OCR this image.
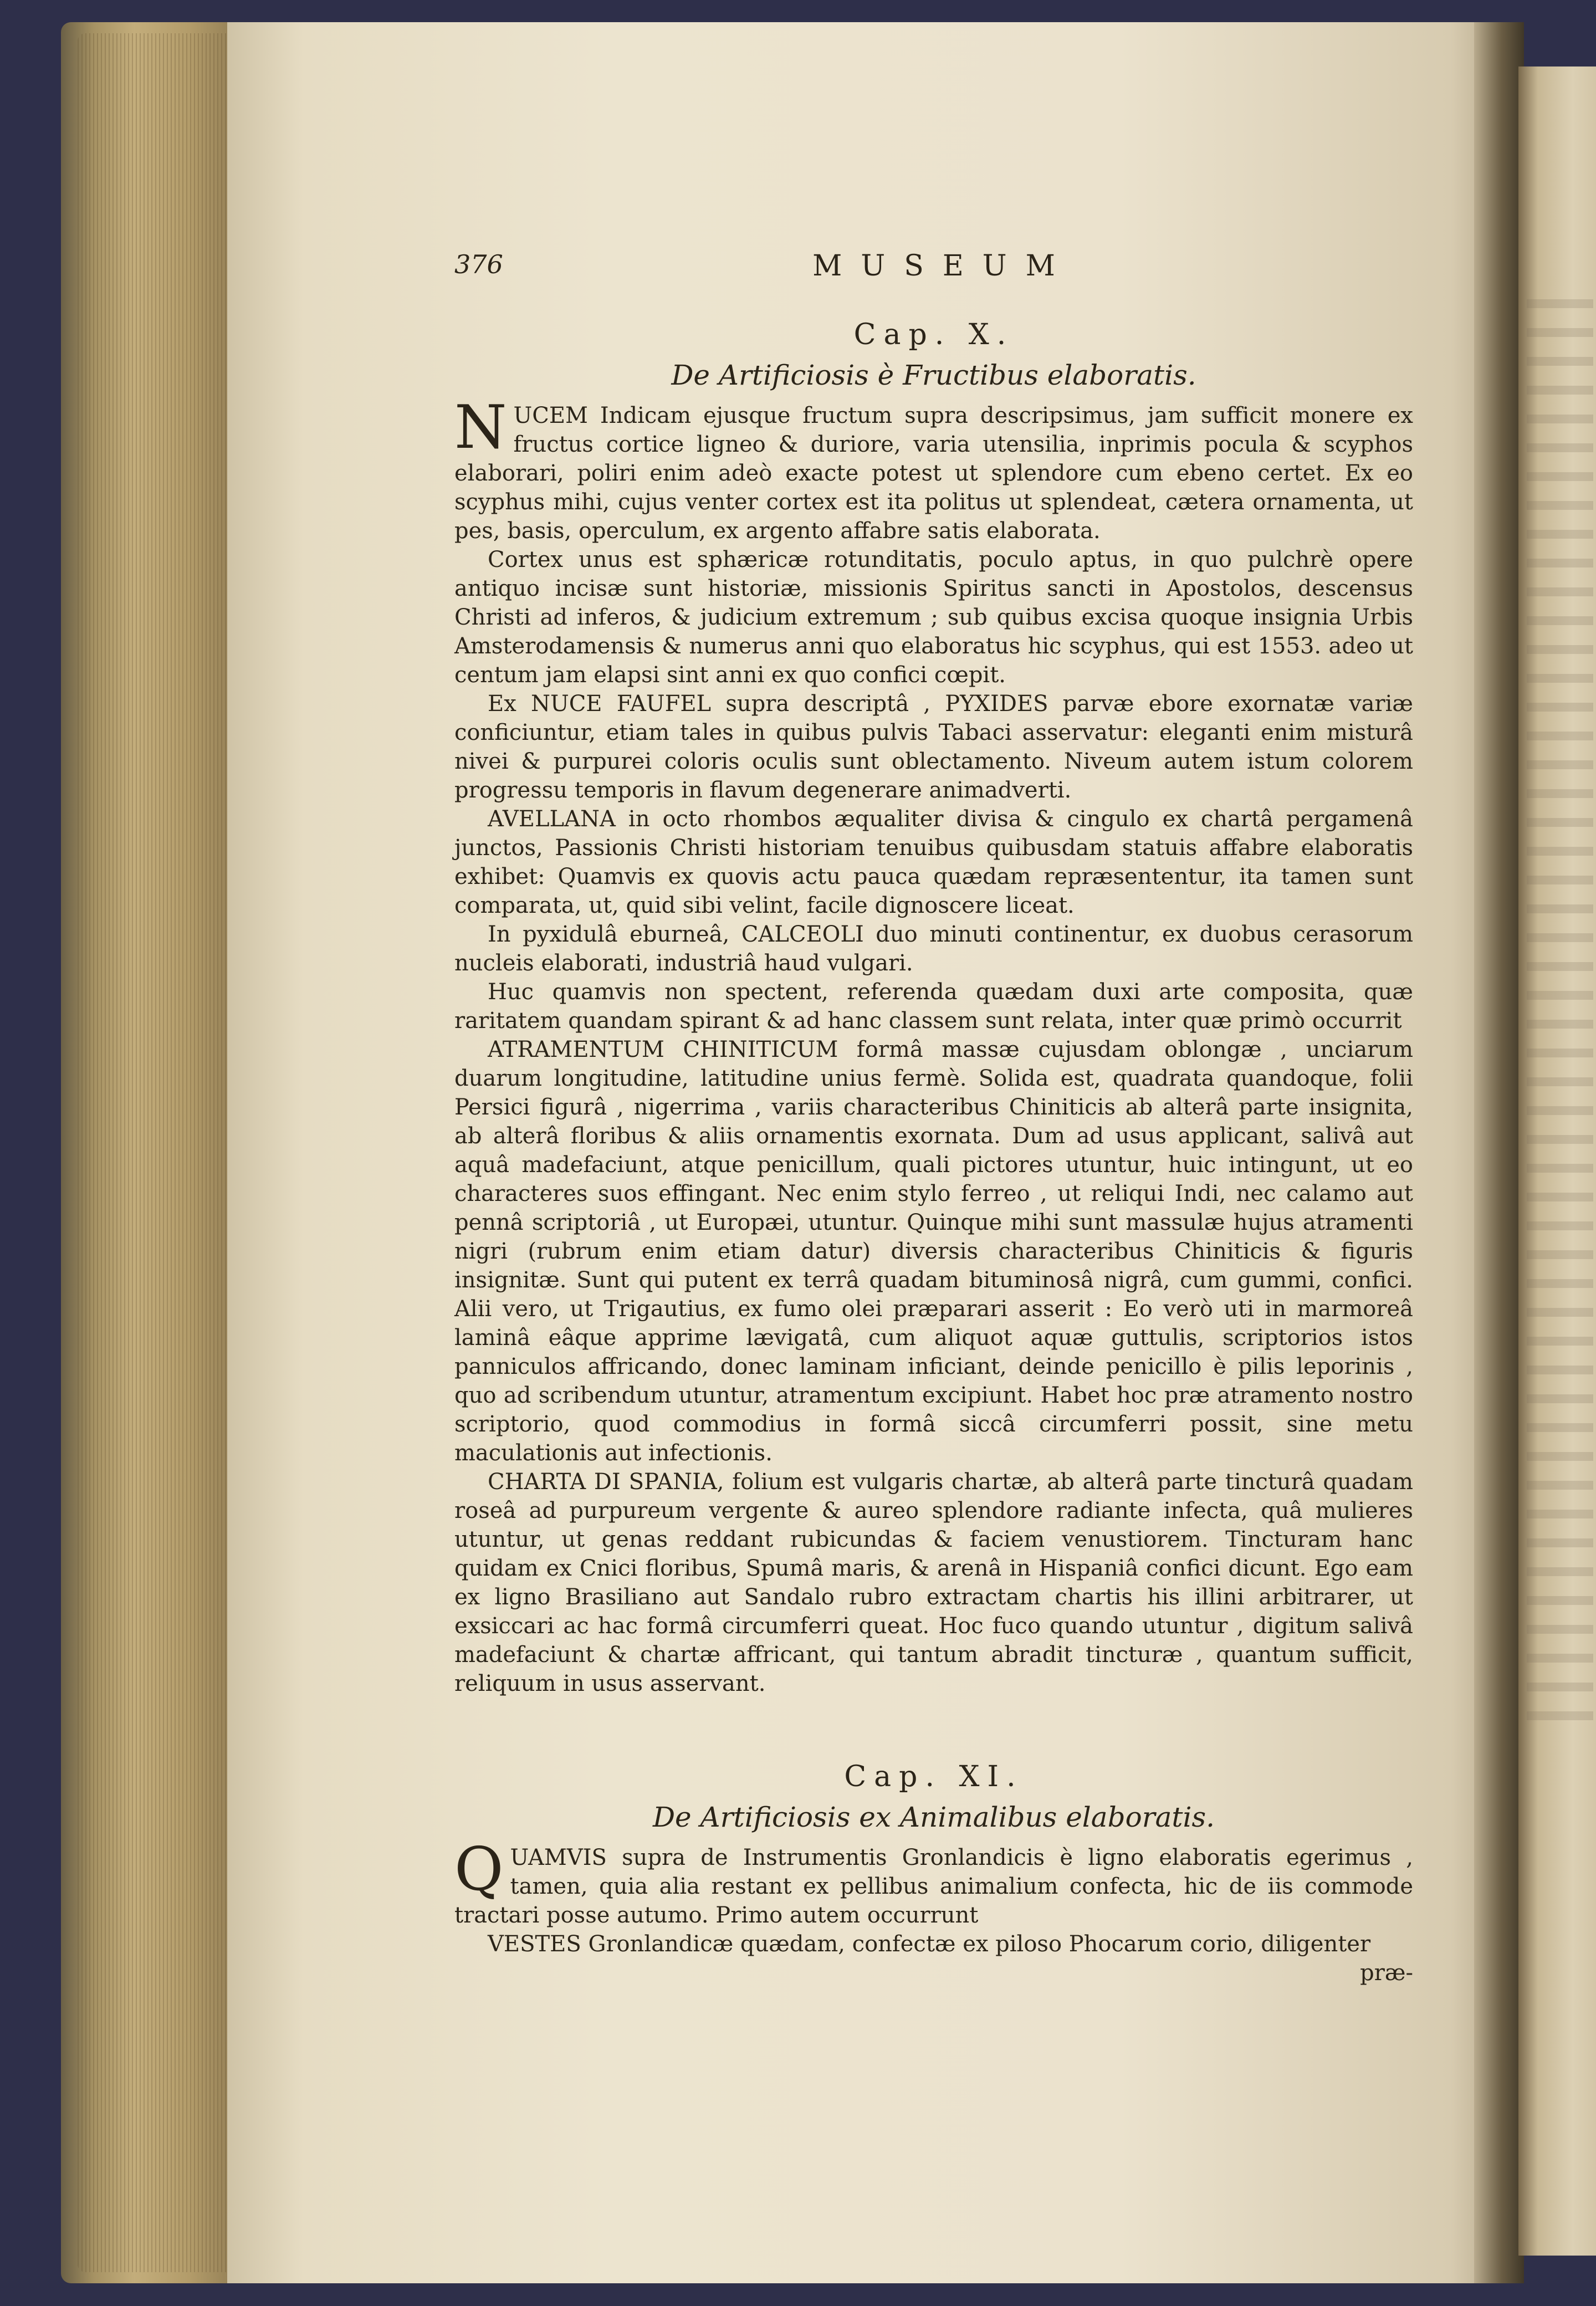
376	MUSEUM
Cap. X.
De Artificiosis è Fructibus elaboratis.

NUCEM Indicam ejusque fructum supra descripsimus, jam sufficit monere ex fructus cortice ligneo & duriore, varia utensilia, inprimis pocula & scyphos elaborari, poliri enim adeò exacte potest ut splendore cum ebeno certet. Ex eo scyphus mihi, cujus venter cortex est ita politus ut splendeat, cætera ornamenta, ut pes, basis, operculum, ex argento affabre satis elaborata.

Cortex unus est sphæricæ rotunditatis, poculo aptus, in quo pulchrè opere antiquo incisæ sunt historiæ, missionis Spiritus sancti in Apostolos, descensus Christi ad inferos, & judicium extremum ; sub quibus excisa quoque insignia Urbis Amsterodamensis & numerus anni quo elaboratus hic scyphus, qui est 1553. adeo ut centum jam elapsi sint anni ex quo confici cœpit.

Ex NUCE FAUFEL supra descriptâ , PYXIDES parvæ ebore exornatæ variæ conficiuntur, etiam tales in quibus pulvis Tabaci asservatur: eleganti enim misturâ nivei & purpurei coloris oculis sunt oblectamento. Niveum autem istum colorem progressu temporis in flavum degenerare animadverti.

AVELLANA in octo rhombos æqualiter divisa & cingulo ex chartâ pergamenâ junctos, Passionis Christi historiam tenuibus quibusdam statuis affabre elaboratis exhibet: Quamvis ex quovis actu pauca quædam repræsententur, ita tamen sunt comparata, ut, quid sibi velint, facile dignoscere liceat.

In pyxidulâ eburneâ, CALCEOLI duo minuti continentur, ex duobus cerasorum nucleis elaborati, industriâ haud vulgari.

Huc quamvis non spectent, referenda quædam duxi arte composita, quæ raritatem quandam spirant & ad hanc classem sunt relata, inter quæ primò occurrit

ATRAMENTUM CHINITICUM formâ massæ cujusdam oblongæ , unciarum duarum longitudine, latitudine unius fermè. Solida est, quadrata quandoque, folii Persici figurâ , nigerrima , variis characteribus Chiniticis ab alterâ parte insignita, ab alterâ floribus & aliis ornamentis exornata. Dum ad usus applicant, salivâ aut aquâ madefaciunt, atque penicillum, quali pictores utuntur, huic intingunt, ut eo characteres suos effingant. Nec enim stylo ferreo , ut reliqui Indi, nec calamo aut pennâ scriptoriâ , ut Europæi, utuntur. Quinque mihi sunt massulæ hujus atramenti nigri (rubrum enim etiam datur) diversis characteribus Chiniticis & figuris insignitæ. Sunt qui putent ex terrâ quadam bituminosâ nigrâ, cum gummi, confici. Alii vero, ut Trigautius, ex fumo olei præparari asserit : Eo verò uti in marmoreâ laminâ eâque apprime lævigatâ, cum aliquot aquæ guttulis, scriptorios istos panniculos affricando, donec laminam inficiant, deinde penicillo è pilis leporinis , quo ad scribendum utuntur, atramentum excipiunt. Habet hoc præ atramento nostro scriptorio, quod commodius in formâ siccâ circumferri possit, sine metu maculationis aut infectionis.

CHARTA DI SPANIA, folium est vulgaris chartæ, ab alterâ parte tincturâ quadam roseâ ad purpureum vergente & aureo splendore radiante infecta, quâ mulieres utuntur, ut genas reddant rubicundas & faciem venustiorem. Tincturam hanc quidam ex Cnici floribus, Spumâ maris, & arenâ in Hispaniâ confici dicunt. Ego eam ex ligno Brasiliano aut Sandalo rubro extractam chartis his illini arbitrarer, ut exsiccari ac hac formâ circumferri queat. Hoc fuco quando utuntur , digitum salivâ madefaciunt & chartæ affricant, qui tantum abradit tincturæ , quantum sufficit, reliquum in usus asservant.

Cap. XI.
De Artificiosis ex Animalibus elaboratis.

QUAMVIS supra de Instrumentis Gronlandicis è ligno elaboratis egerimus , tamen, quia alia restant ex pellibus animalium confecta, hic de iis commode tractari posse autumo. Primo autem occurrunt

VESTES Gronlandicæ quædam, confectæ ex piloso Phocarum corio, diligenter

præ-
